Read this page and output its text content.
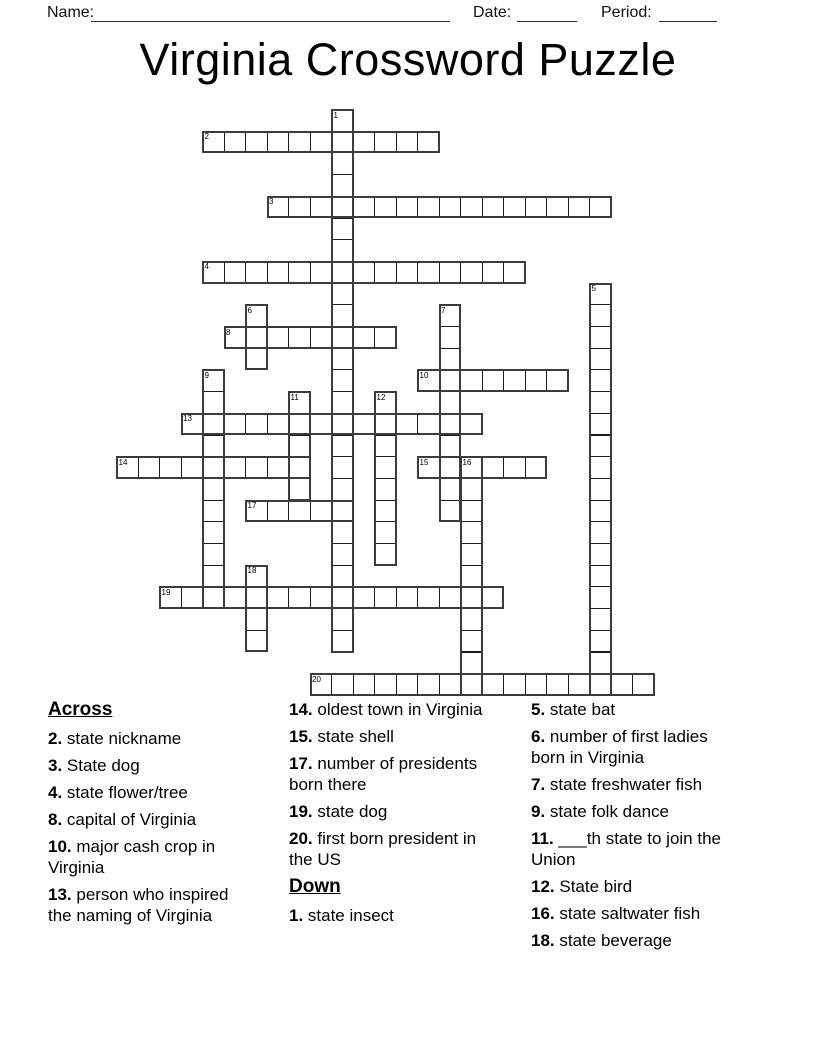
Name:	Date:	Period:
Virginia Crossword Puzzle
1
2
3
4
5
6	7
8
9	10
11	12
13
14	15	16
17
18
19
20
Across

2. state nickname

3. State dog

4. state flower/tree

8. capital of Virginia

10. major cash crop in Virginia

13. person who inspired the naming of Virginia

14. oldest town in Virginia

15. state shell

17. number of presidents born there

19. state dog

20. first born president in the US

Down

1. state insect

5. state bat

6. number of first ladies born in Virginia

7. state freshwater fish

9. state folk dance

11. ___th state to join the Union

12. State bird

16. state saltwater fish

18. state beverage
